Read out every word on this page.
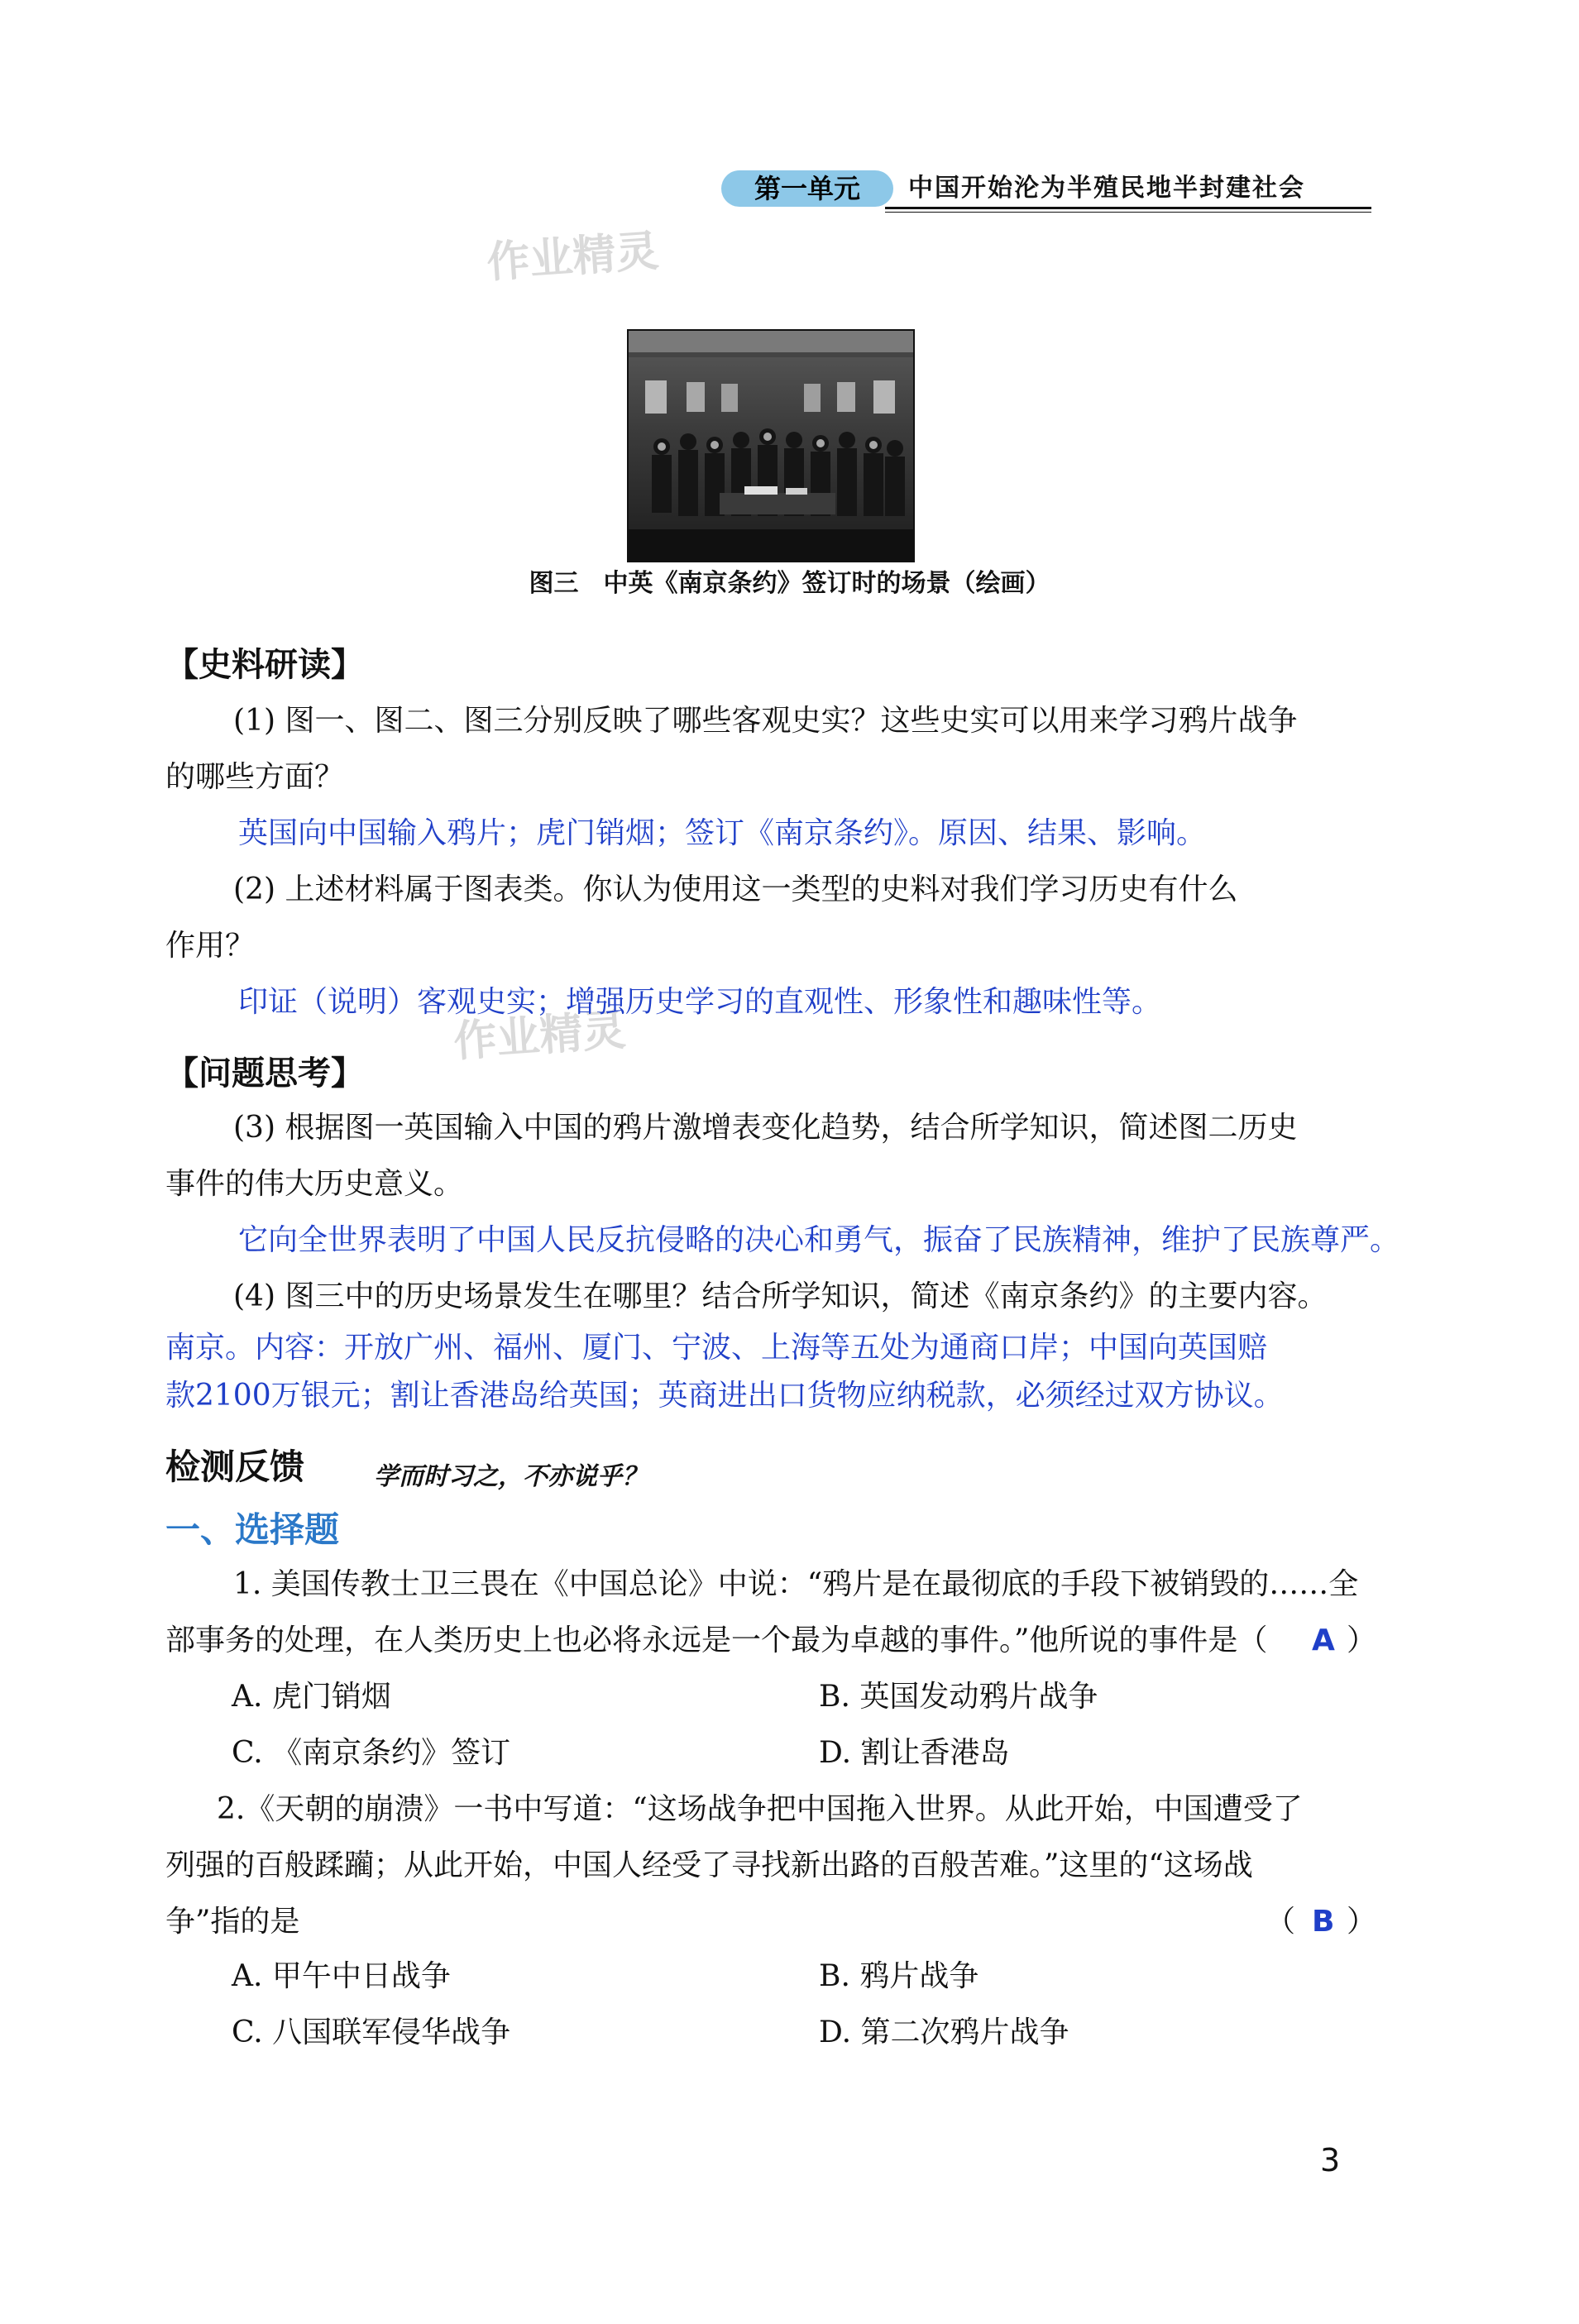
第一单元	中国开始沦为半殖民地半封建社会
作业精灵
作业精灵
图三　中英《南京条约》签订时的场景（绘画）
【史料研读】
(1) 图一、图二、图三分别反映了哪些客观史实？这些史实可以用来学习鸦片战争
的哪些方面？
英国向中国输入鸦片；虎门销烟；签订《南京条约》。原因、结果、影响。
(2) 上述材料属于图表类。你认为使用这一类型的史料对我们学习历史有什么
作用？
印证（说明）客观史实；增强历史学习的直观性、形象性和趣味性等。
【问题思考】
(3) 根据图一英国输入中国的鸦片激增表变化趋势，结合所学知识，简述图二历史
事件的伟大历史意义。
它向全世界表明了中国人民反抗侵略的决心和勇气，振奋了民族精神，维护了民族尊严。
(4) 图三中的历史场景发生在哪里？结合所学知识，简述《南京条约》的主要内容。
南京。内容：开放广州、福州、厦门、宁波、上海等五处为通商口岸；中国向英国赔
款2100万银元；割让香港岛给英国；英商进出口货物应纳税款，必须经过双方协议。
检测反馈	学而时习之，不亦说乎？
一、选择题
1. 美国传教士卫三畏在《中国总论》中说：“鸦片是在最彻底的手段下被销毁的……全
部事务的处理，在人类历史上也必将永远是一个最为卓越的事件。”他所说的事件是（ A ）
A. 虎门销烟	B. 英国发动鸦片战争
C. 《南京条约》签订	D. 割让香港岛
2.《天朝的崩溃》一书中写道：“这场战争把中国拖入世界。从此开始，中国遭受了
列强的百般蹂躏；从此开始，中国人经受了寻找新出路的百般苦难。”这里的“这场战
争”指的是	（ B ）
A. 甲午中日战争	B. 鸦片战争
C. 八国联军侵华战争	D. 第二次鸦片战争
3
